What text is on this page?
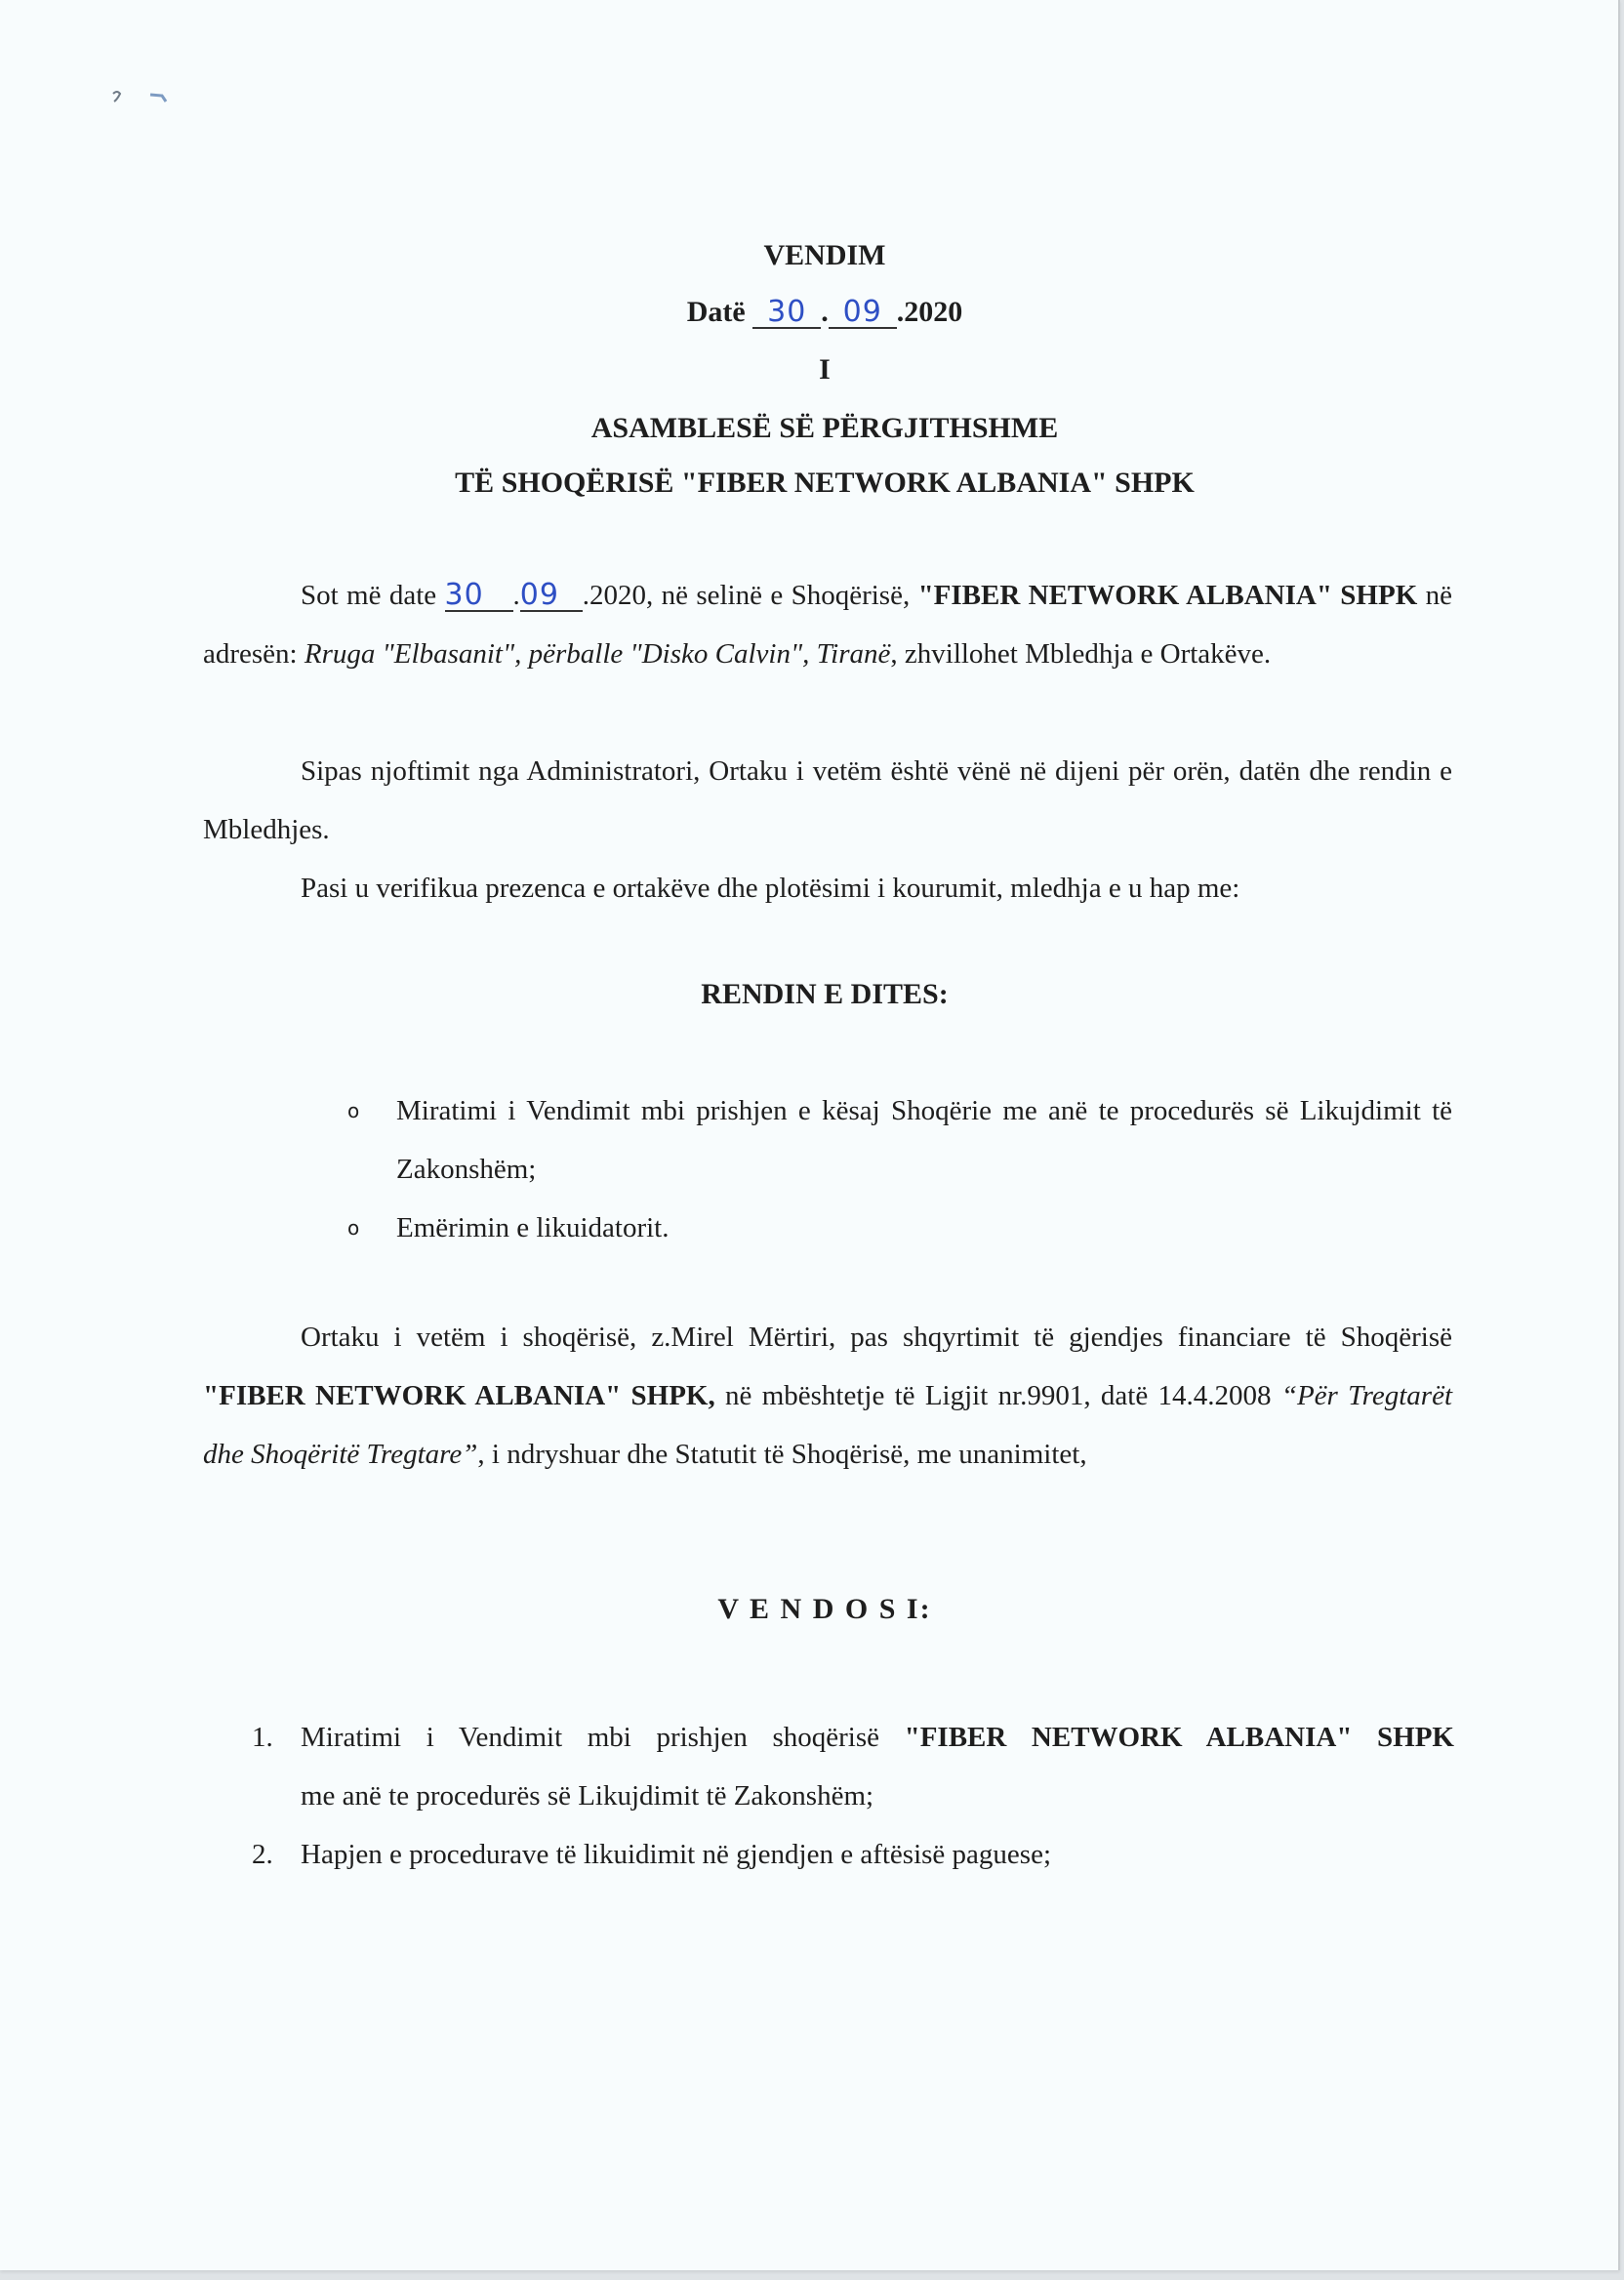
VENDIM
Datë 30 . 09 .2020
I
ASAMBLESË SË PËRGJITHSHME
TË SHOQËRISË "FIBER NETWORK ALBANIA" SHPK
Sot më date 30 .09 .2020, në selinë e Shoqërisë, "FIBER NETWORK ALBANIA" SHPK në adresën: Rruga "Elbasanit", përballe "Disko Calvin", Tiranë, zhvillohet Mbledhja e Ortakëve.
Sipas njoftimit nga Administratori, Ortaku i vetëm është vënë në dijeni për orën, datën dhe rendin e Mbledhjes.
Pasi u verifikua prezenca e ortakëve dhe plotësimi i kourumit, mledhja e u hap me:
RENDIN E DITES:
o Miratimi i Vendimit mbi prishjen e kësaj Shoqërie me anë te procedurës së Likujdimit të Zakonshëm;
o Emërimin e likuidatorit.
Ortaku i vetëm i shoqërisë, z.Mirel Mërtiri, pas shqyrtimit të gjendjes financiare të Shoqërisë "FIBER NETWORK ALBANIA" SHPK, në mbështetje të Ligjit nr.9901, datë 14.4.2008 “Për Tregtarët dhe Shoqëritë Tregtare”, i ndryshuar dhe Statutit të Shoqërisë, me unanimitet,
V E N D O S I:
1. Miratimi i Vendimit mbi prishjen shoqërisë "FIBER NETWORK ALBANIA" SHPK
me anë te procedurës së Likujdimit të Zakonshëm;
2. Hapjen e procedurave të likuidimit në gjendjen e aftësisë paguese;
